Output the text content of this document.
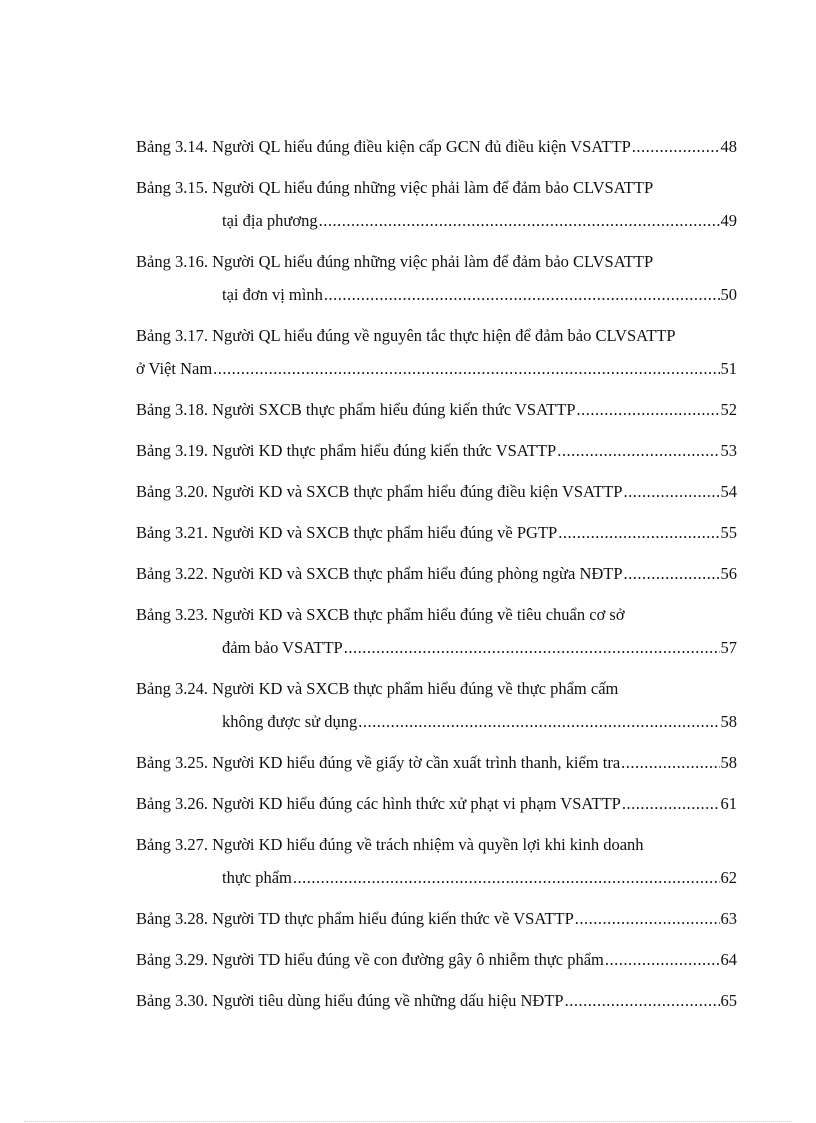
Bảng 3.14. Người QL hiểu đúng điều kiện cấp GCN đủ điều kiện VSATTP .....	48
Bảng 3.15. Người QL hiểu đúng những việc phải làm để đảm bảo CLVSATTP
tại địa phương .....	49
Bảng 3.16. Người QL hiểu đúng những việc phải làm để đảm bảo CLVSATTP
tại đơn vị mình .....	50
Bảng 3.17. Người QL hiểu đúng về nguyên tắc thực hiện để đảm bảo CLVSATTP
ở Việt Nam .....	51
Bảng 3.18. Người SXCB thực phẩm hiểu đúng kiến thức VSATTP .....	52
Bảng 3.19. Người KD thực phẩm hiểu đúng kiến thức VSATTP .....	53
Bảng 3.20. Người KD và SXCB thực phẩm hiểu đúng điều kiện VSATTP .....	54
Bảng 3.21. Người KD và SXCB thực phẩm hiểu đúng về PGTP .....	55
Bảng 3.22. Người KD và SXCB thực phẩm hiểu đúng phòng ngừa NĐTP .....	56
Bảng 3.23. Người KD và SXCB thực phẩm hiểu đúng về tiêu chuẩn cơ sở
đảm bảo VSATTP .....	57
Bảng 3.24. Người KD và SXCB thực phẩm hiểu đúng về thực phẩm cấm
không được sử dụng .....	58
Bảng 3.25. Người KD hiểu đúng về giấy tờ cần xuất trình thanh, kiểm tra .....	58
Bảng 3.26. Người KD hiểu đúng các hình thức xử phạt vi phạm VSATTP .....	61
Bảng 3.27. Người KD hiểu đúng về trách nhiệm và quyền lợi khi kinh doanh
thực phẩm .....	62
Bảng 3.28. Người TD thực phẩm hiểu đúng kiến thức về VSATTP .....	63
Bảng 3.29. Người TD hiểu đúng về con đường gây ô nhiễm thực phẩm .....	64
Bảng 3.30. Người tiêu dùng hiểu đúng về những dấu hiệu NĐTP .....	65
